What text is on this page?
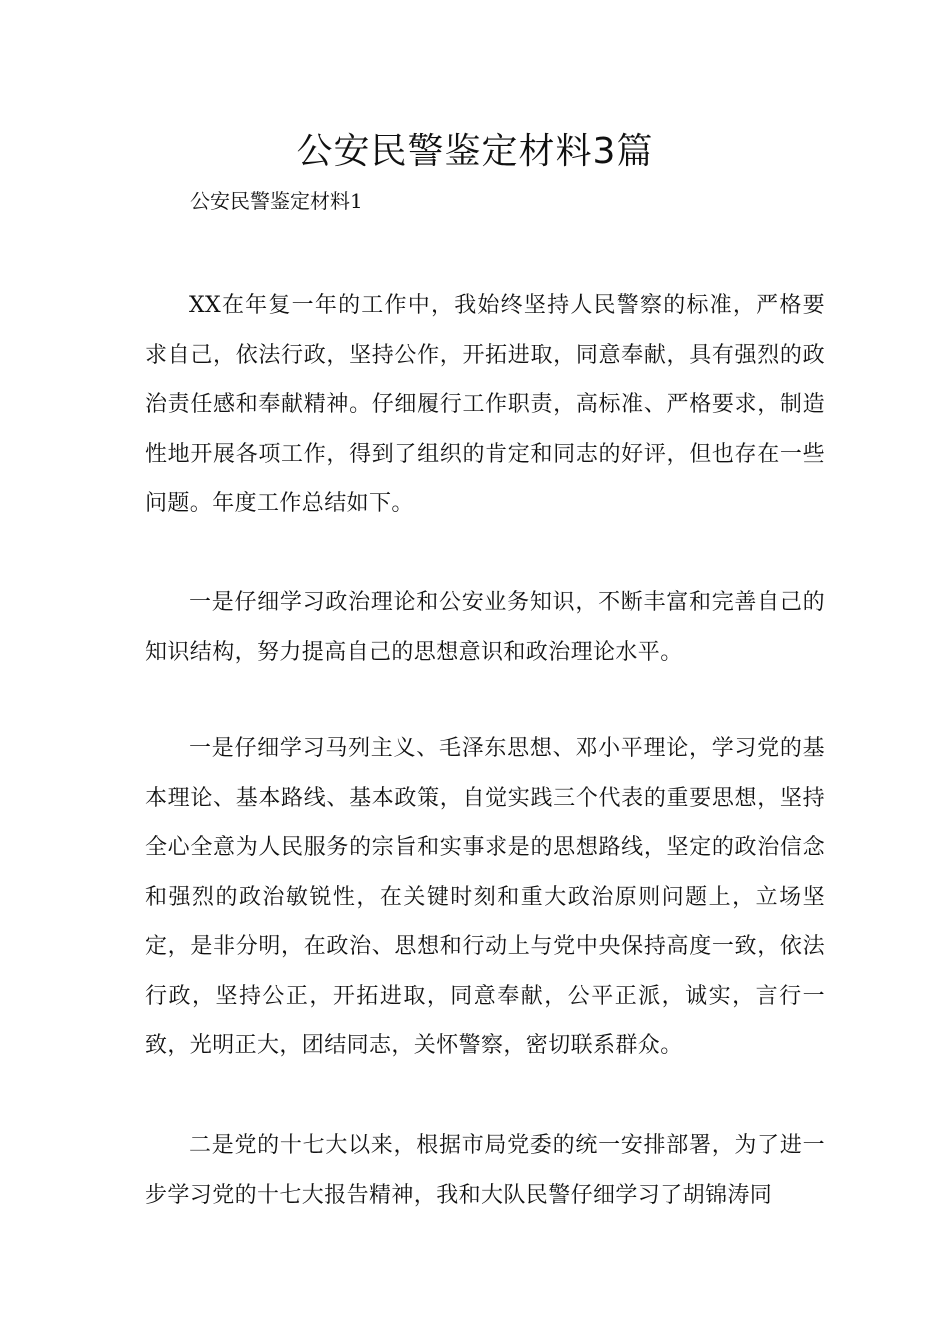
公安民警鉴定材料3篇

公安民警鉴定材料1

XX在年复一年的工作中，我始终坚持人民警察的标准，严格要求自己，依法行政，坚持公作，开拓进取，同意奉献，具有强烈的政治责任感和奉献精神。仔细履行工作职责，高标准、严格要求，制造性地开展各项工作，得到了组织的肯定和同志的好评，但也存在一些问题。年度工作总结如下。

一是仔细学习政治理论和公安业务知识，不断丰富和完善自己的知识结构，努力提高自己的思想意识和政治理论水平。

一是仔细学习马列主义、毛泽东思想、邓小平理论，学习党的基本理论、基本路线、基本政策，自觉实践三个代表的重要思想，坚持全心全意为人民服务的宗旨和实事求是的思想路线，坚定的政治信念和强烈的政治敏锐性，在关键时刻和重大政治原则问题上，立场坚定，是非分明，在政治、思想和行动上与党中央保持高度一致，依法行政，坚持公正，开拓进取，同意奉献，公平正派，诚实，言行一致，光明正大，团结同志，关怀警察，密切联系群众。

二是党的十七大以来，根据市局党委的统一安排部署，为了进一步学习党的十七大报告精神，我和大队民警仔细学习了胡锦涛同
